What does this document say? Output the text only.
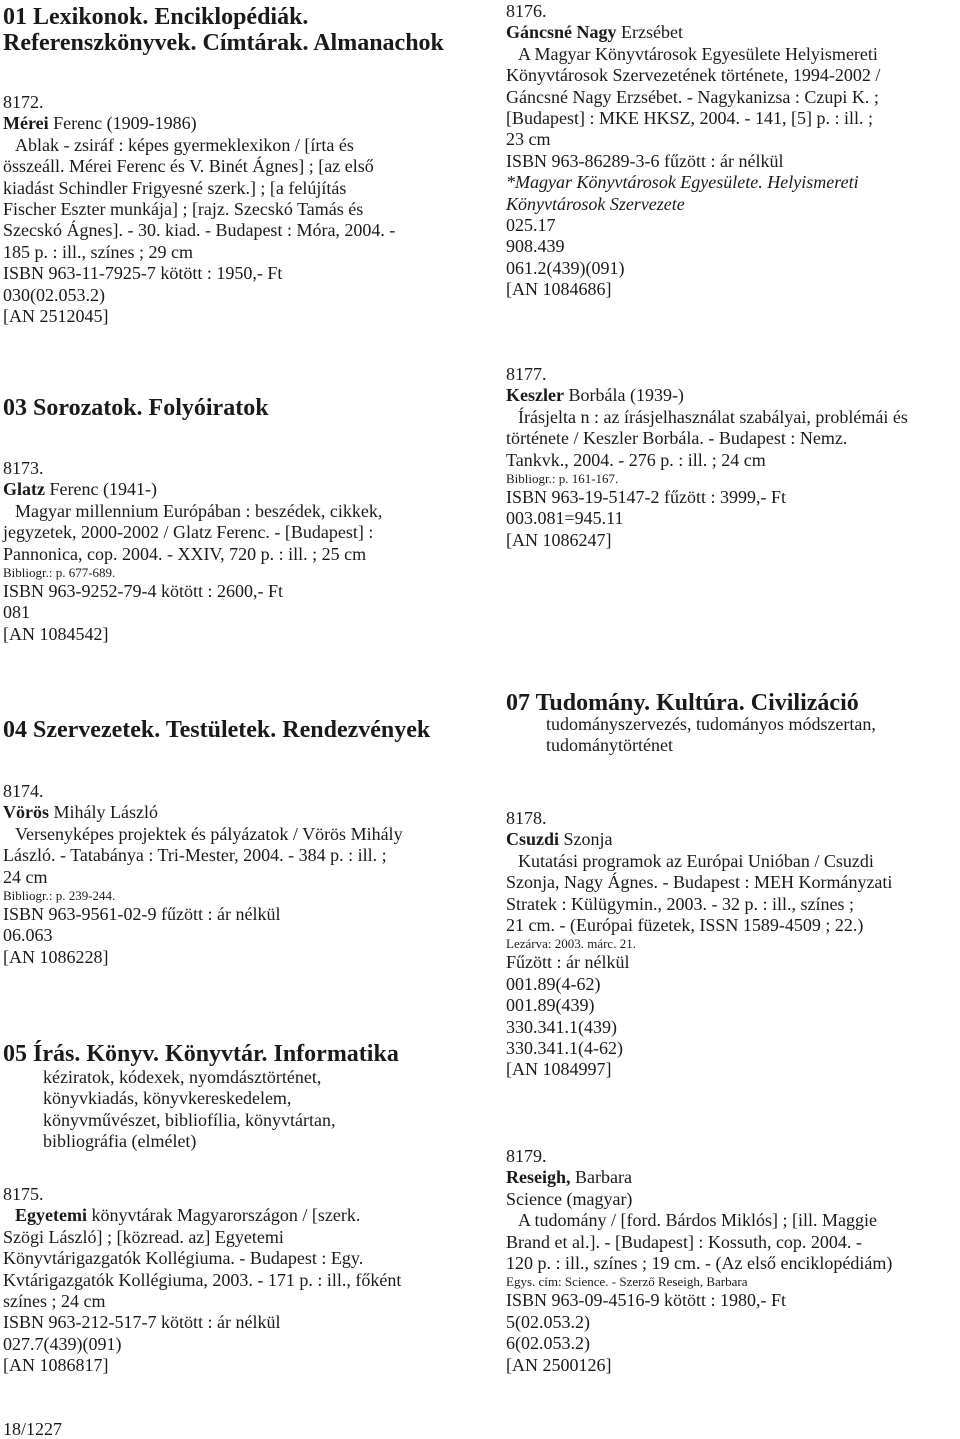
01 Lexikonok. Enciklopédiák.
Referenszkönyvek. Címtárak. Almanachok
8172.
Mérei Ferenc (1909-1986)
Ablak - zsiráf : képes gyermeklexikon / [írta és
összeáll. Mérei Ferenc és V. Binét Ágnes] ; [az első
kiadást Schindler Frigyesné szerk.] ; [a felújítás
Fischer Eszter munkája] ; [rajz. Szecskó Tamás és
Szecskó Ágnes]. - 30. kiad. - Budapest : Móra, 2004. -
185 p. : ill., színes ; 29 cm
ISBN 963-11-7925-7 kötött : 1950,- Ft
030(02.053.2)
[AN 2512045]
03 Sorozatok. Folyóiratok
8173.
Glatz Ferenc (1941-)
Magyar millennium Európában : beszédek, cikkek,
jegyzetek, 2000-2002 / Glatz Ferenc. - [Budapest] :
Pannonica, cop. 2004. - XXIV, 720 p. : ill. ; 25 cm
Bibliogr.: p. 677-689.
ISBN 963-9252-79-4 kötött : 2600,- Ft
081
[AN 1084542]
04 Szervezetek. Testületek. Rendezvények
8174.
Vörös Mihály László
Versenyképes projektek és pályázatok / Vörös Mihály
László. - Tatabánya : Tri-Mester, 2004. - 384 p. : ill. ;
24 cm
Bibliogr.: p. 239-244.
ISBN 963-9561-02-9 fűzött : ár nélkül
06.063
[AN 1086228]
05 Írás. Könyv. Könyvtár. Informatika
kéziratok, kódexek, nyomdásztörténet,
könyvkiadás, könyvkereskedelem,
könyvművészet, bibliofília, könyvtártan,
bibliográfia (elmélet)
8175.
Egyetemi könyvtárak Magyarországon / [szerk.
Szögi László] ; [közread. az] Egyetemi
Könyvtárigazgatók Kollégiuma. - Budapest : Egy.
Kvtárigazgatók Kollégiuma, 2003. - 171 p. : ill., főként
színes ; 24 cm
ISBN 963-212-517-7 kötött : ár nélkül
027.7(439)(091)
[AN 1086817]
18/1227
8176.
Gáncsné Nagy Erzsébet
A Magyar Könyvtárosok Egyesülete Helyismereti
Könyvtárosok Szervezetének története, 1994-2002 /
Gáncsné Nagy Erzsébet. - Nagykanizsa : Czupi K. ;
[Budapest] : MKE HKSZ, 2004. - 141, [5] p. : ill. ;
23 cm
ISBN 963-86289-3-6 fűzött : ár nélkül
*Magyar Könyvtárosok Egyesülete. Helyismereti
Könyvtárosok Szervezete
025.17
908.439
061.2(439)(091)
[AN 1084686]
8177.
Keszler Borbála (1939-)
Írásjelta n : az írásjelhasználat szabályai, problémái és
története / Keszler Borbála. - Budapest : Nemz.
Tankvk., 2004. - 276 p. : ill. ; 24 cm
Bibliogr.: p. 161-167.
ISBN 963-19-5147-2 fűzött : 3999,- Ft
003.081=945.11
[AN 1086247]
07 Tudomány. Kultúra. Civilizáció
tudományszervezés, tudományos módszertan,
tudománytörténet
8178.
Csuzdi Szonja
Kutatási programok az Európai Unióban / Csuzdi
Szonja, Nagy Ágnes. - Budapest : MEH Kormányzati
Stratek : Külügymin., 2003. - 32 p. : ill., színes ;
21 cm. - (Európai füzetek, ISSN 1589-4509 ; 22.)
Lezárva: 2003. márc. 21.
Fűzött : ár nélkül
001.89(4-62)
001.89(439)
330.341.1(439)
330.341.1(4-62)
[AN 1084997]
8179.
Reseigh, Barbara
Science (magyar)
A tudomány / [ford. Bárdos Miklós] ; [ill. Maggie
Brand et al.]. - [Budapest] : Kossuth, cop. 2004. -
120 p. : ill., színes ; 19 cm. - (Az első enciklopédiám)
Egys. cím: Science. - Szerző Reseigh, Barbara
ISBN 963-09-4516-9 kötött : 1980,- Ft
5(02.053.2)
6(02.053.2)
[AN 2500126]
